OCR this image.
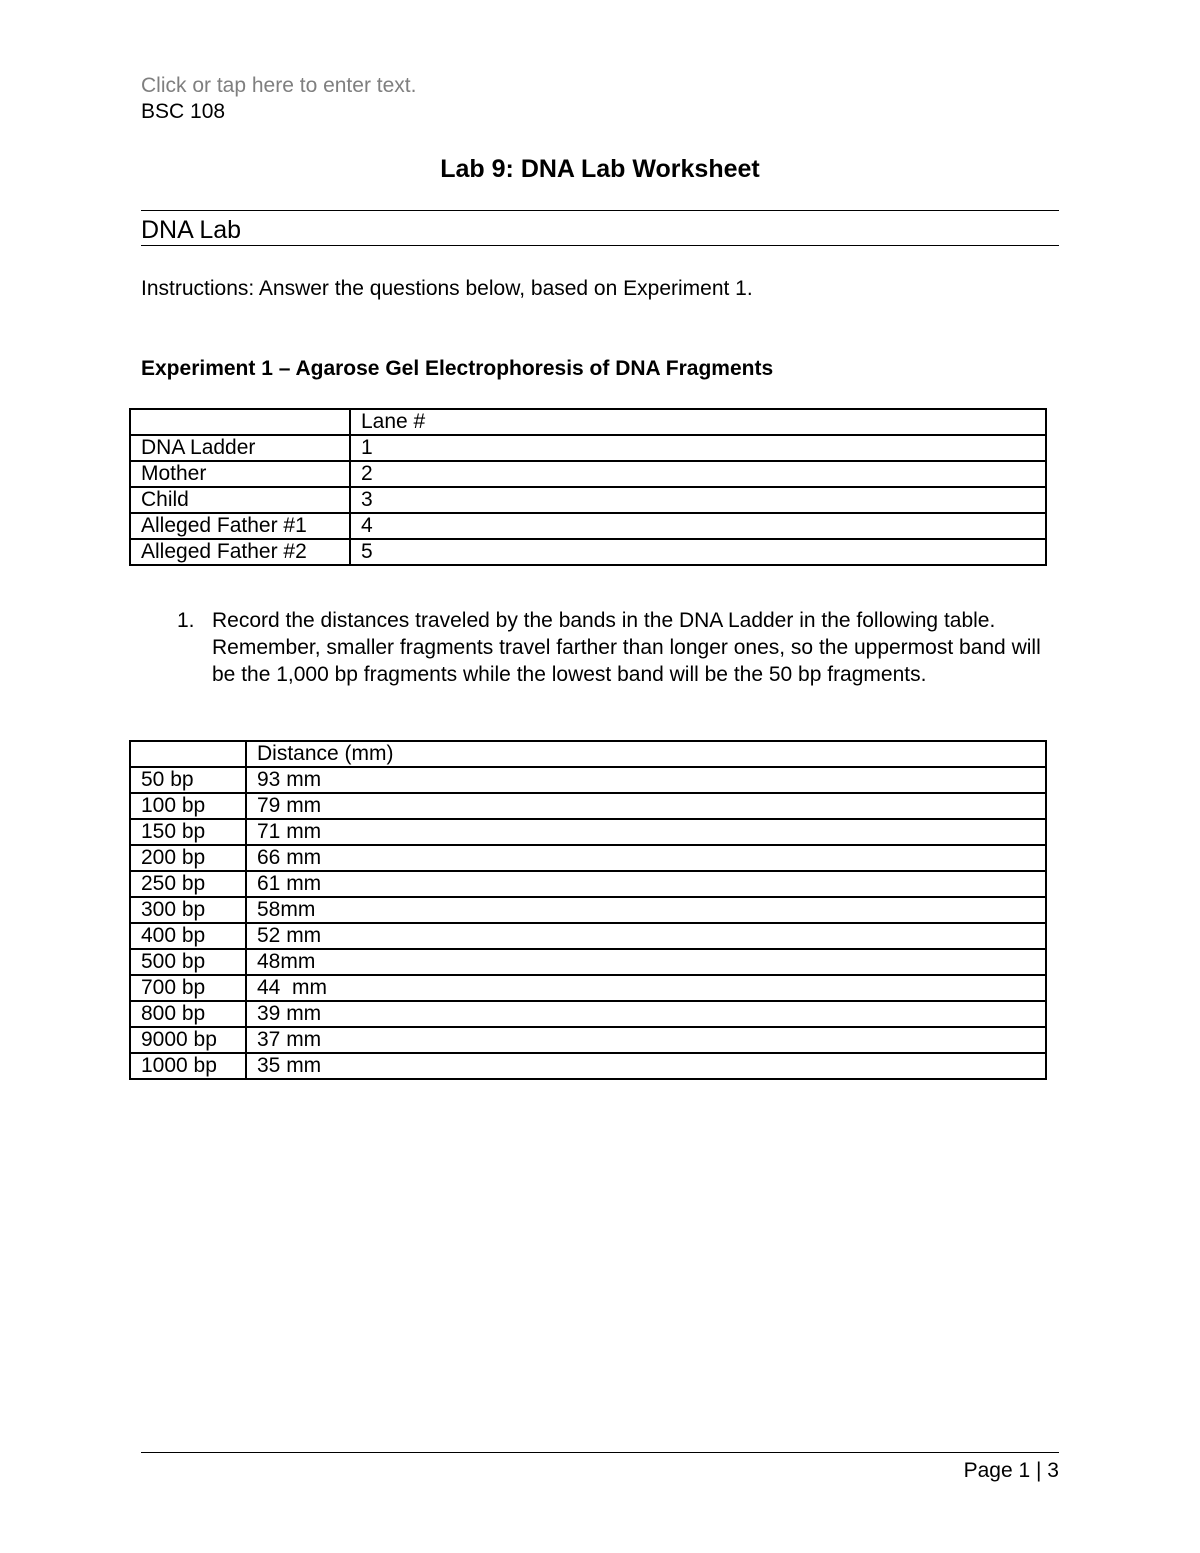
Click or tap here to enter text.
BSC 108
Lab 9: DNA Lab Worksheet
DNA Lab
Instructions: Answer the questions below, based on Experiment 1.
Experiment 1 – Agarose Gel Electrophoresis of DNA Fragments
	Lane #
DNA Ladder	1
Mother	2
Child	3
Alleged Father #1	4
Alleged Father #2	5
1. Record the distances traveled by the bands in the DNA Ladder in the following table. Remember, smaller fragments travel farther than longer ones, so the uppermost band will be the 1,000 bp fragments while the lowest band will be the 50 bp fragments.
	Distance (mm)
50 bp	93 mm
100 bp	79 mm
150 bp	71 mm
200 bp	66 mm
250 bp	61 mm
300 bp	58mm
400 bp	52 mm
500 bp	48mm
700 bp	44  mm
800 bp	39 mm
9000 bp	37 mm
1000 bp	35 mm
Page 1 | 3
